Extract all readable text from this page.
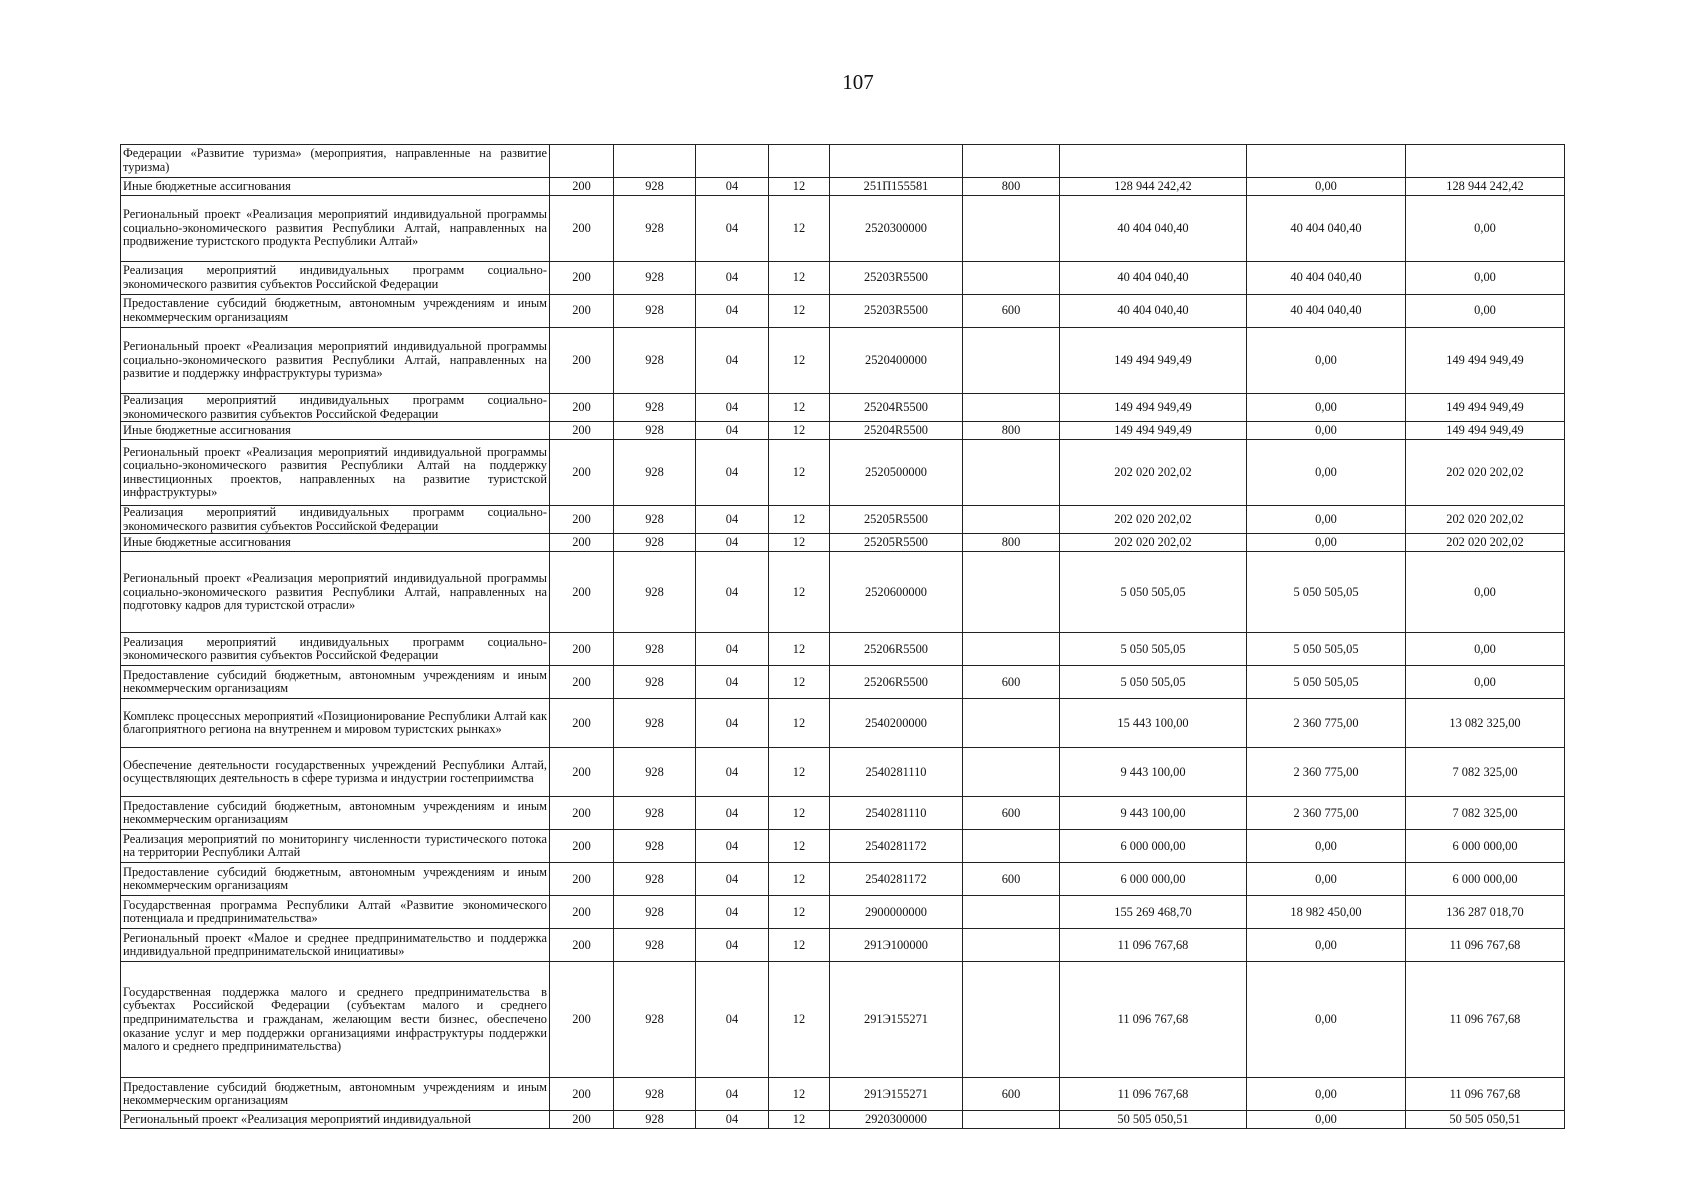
107
Федерации «Развитие туризма» (мероприятия, направленные на развитие туризма)									
Иные бюджетные ассигнования	200	928	04	12	251П155581	800	128 944 242,42	0,00	128 944 242,42
Региональный проект «Реализация мероприятий индивидуальной программы социально-экономического развития Республики Алтай, направленных на продвижение туристского продукта Республики Алтай»	200	928	04	12	2520300000		40 404 040,40	40 404 040,40	0,00
Реализация мероприятий индивидуальных программ социально-экономического развития субъектов Российской Федерации	200	928	04	12	25203R5500		40 404 040,40	40 404 040,40	0,00
Предоставление субсидий бюджетным, автономным учреждениям и иным некоммерческим организациям	200	928	04	12	25203R5500	600	40 404 040,40	40 404 040,40	0,00
Региональный проект «Реализация мероприятий индивидуальной программы социально-экономического развития Республики Алтай, направленных на развитие и поддержку инфраструктуры туризма»	200	928	04	12	2520400000		149 494 949,49	0,00	149 494 949,49
Реализация мероприятий индивидуальных программ социально-экономического развития субъектов Российской Федерации	200	928	04	12	25204R5500		149 494 949,49	0,00	149 494 949,49
Иные бюджетные ассигнования	200	928	04	12	25204R5500	800	149 494 949,49	0,00	149 494 949,49
Региональный проект «Реализация мероприятий индивидуальной программы социально-экономического развития Республики Алтай на поддержку инвестиционных проектов, направленных на развитие туристской инфраструктуры»	200	928	04	12	2520500000		202 020 202,02	0,00	202 020 202,02
Реализация мероприятий индивидуальных программ социально-экономического развития субъектов Российской Федерации	200	928	04	12	25205R5500		202 020 202,02	0,00	202 020 202,02
Иные бюджетные ассигнования	200	928	04	12	25205R5500	800	202 020 202,02	0,00	202 020 202,02
Региональный проект «Реализация мероприятий индивидуальной программы социально-экономического развития Республики Алтай, направленных на подготовку кадров для туристской отрасли»	200	928	04	12	2520600000		5 050 505,05	5 050 505,05	0,00
Реализация мероприятий индивидуальных программ социально-экономического развития субъектов Российской Федерации	200	928	04	12	25206R5500		5 050 505,05	5 050 505,05	0,00
Предоставление субсидий бюджетным, автономным учреждениям и иным некоммерческим организациям	200	928	04	12	25206R5500	600	5 050 505,05	5 050 505,05	0,00
Комплекс процессных мероприятий «Позиционирование Республики Алтай как благоприятного региона на внутреннем и мировом туристских рынках»	200	928	04	12	2540200000		15 443 100,00	2 360 775,00	13 082 325,00
Обеспечение деятельности государственных учреждений Республики Алтай, осуществляющих деятельность в сфере туризма и индустрии гостеприимства	200	928	04	12	2540281110		9 443 100,00	2 360 775,00	7 082 325,00
Предоставление субсидий бюджетным, автономным учреждениям и иным некоммерческим организациям	200	928	04	12	2540281110	600	9 443 100,00	2 360 775,00	7 082 325,00
Реализация мероприятий по мониторингу численности туристического потока на территории Республики Алтай	200	928	04	12	2540281172		6 000 000,00	0,00	6 000 000,00
Предоставление субсидий бюджетным, автономным учреждениям и иным некоммерческим организациям	200	928	04	12	2540281172	600	6 000 000,00	0,00	6 000 000,00
Государственная программа Республики Алтай «Развитие экономического потенциала и предпринимательства»	200	928	04	12	2900000000		155 269 468,70	18 982 450,00	136 287 018,70
Региональный проект «Малое и среднее предпринимательство и поддержка индивидуальной предпринимательской инициативы»	200	928	04	12	291Э100000		11 096 767,68	0,00	11 096 767,68
Государственная поддержка малого и среднего предпринимательства в субъектах Российской Федерации (субъектам малого и среднего предпринимательства и гражданам, желающим вести бизнес, обеспечено оказание услуг и мер поддержки организациями инфраструктуры поддержки малого и среднего предпринимательства)	200	928	04	12	291Э155271		11 096 767,68	0,00	11 096 767,68
Предоставление субсидий бюджетным, автономным учреждениям и иным некоммерческим организациям	200	928	04	12	291Э155271	600	11 096 767,68	0,00	11 096 767,68
Региональный проект «Реализация мероприятий индивидуальной	200	928	04	12	2920300000		50 505 050,51	0,00	50 505 050,51
